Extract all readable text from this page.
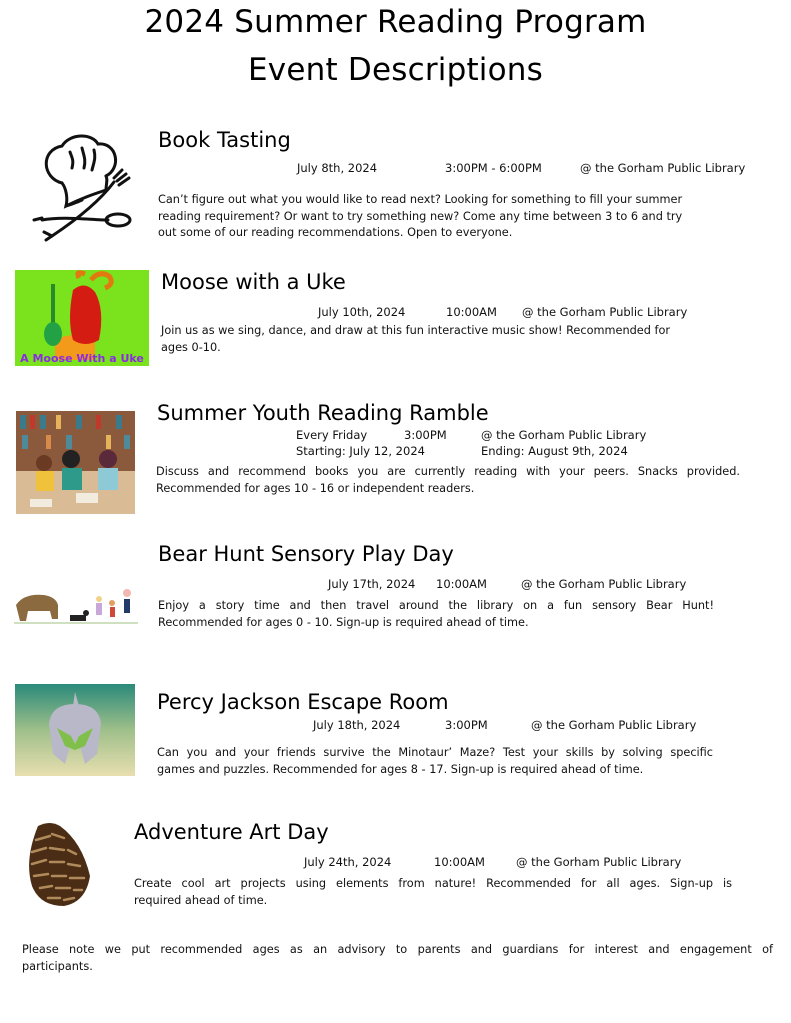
2024 Summer Reading Program
Event Descriptions
Book Tasting
July 8th, 2024	3:00PM - 6:00PM	@ the Gorham Public Library
Can’t figure out what you would like to read next? Looking for something to fill your summer
reading requirement? Or want to try something new? Come any time between 3 to 6 and try
out some of our reading recommendations. Open to everyone.
A Moose With a Uke
Moose with a Uke
July 10th, 2024	10:00AM @ the Gorham Public Library
Join us as we sing, dance, and draw at this fun interactive music show! Recommended for
ages 0-10.
Summer Youth Reading Ramble
Every Friday	3:00PM	@ the Gorham Public Library
Starting: July 12, 2024	Ending: August 9th, 2024
Discuss and recommend books you are currently reading with your peers. Snacks provided.
Recommended for ages 10 - 16 or independent readers.
Bear Hunt Sensory Play Day
July 17th, 2024 10:00AM	@ the Gorham Public Library
Enjoy a story time and then travel around the library on a fun sensory Bear Hunt!
Recommended for ages 0 - 10. Sign-up is required ahead of time.
Percy Jackson Escape Room
July 18th, 2024	3:00PM	@ the Gorham Public Library
Can you and your friends survive the Minotaur’ Maze? Test your skills by solving specific
games and puzzles. Recommended for ages 8 - 17. Sign-up is required ahead of time.
Adventure Art Day
July 24th, 2024	10:00AM	@ the Gorham Public Library
Create cool art projects using elements from nature! Recommended for all ages. Sign-up is
required ahead of time.
Please note we put recommended ages as an advisory to parents and guardians for interest and engagement of
participants.
